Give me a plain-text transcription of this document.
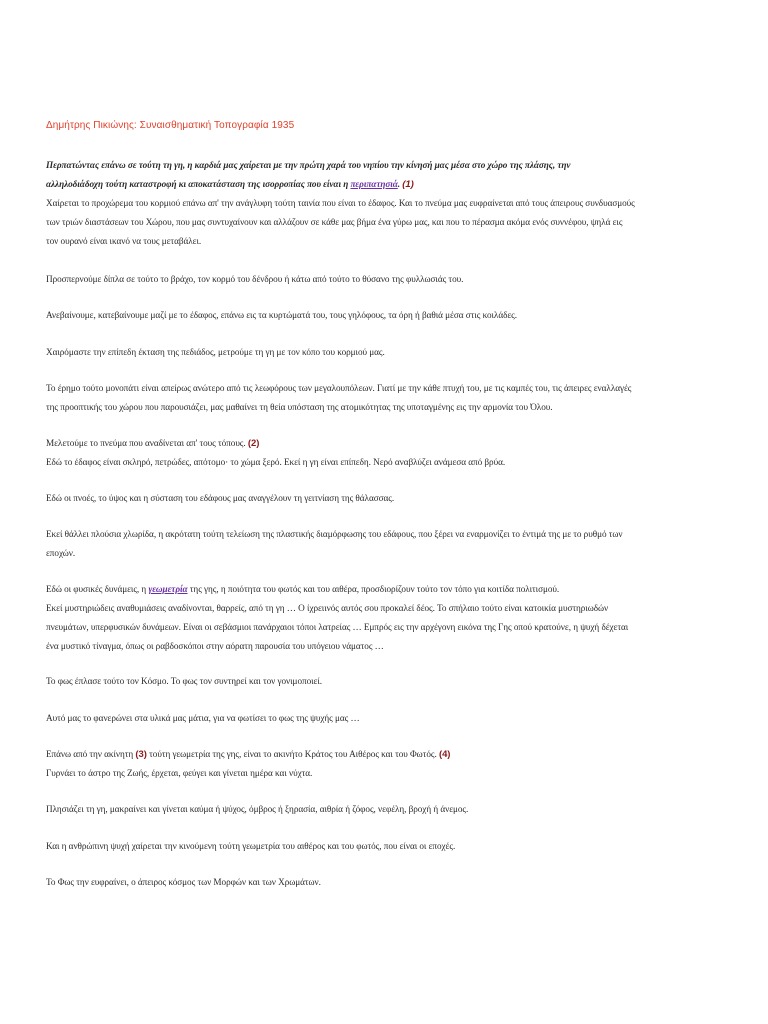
Δημήτρης Πικιώνης: Συναισθηματική Τοπογραφία 1935
Περπατώντας επάνω σε τούτη τη γη, η καρδιά μας χαίρεται με την πρώτη χαρά του νηπίου την κίνησή μας μέσα στο χώρο της πλάσης, την
αλληλοδιάδοχη τούτη καταστροφή κι αποκατάσταση της ισορροπίας που είναι η περιπατησιά. (1)
Χαίρεται το προχώρεμα του κορμιού επάνω απ' την ανάγλυφη τούτη ταινία που είναι το έδαφος. Και το πνεύμα μας ευφραίνεται από τους άπειρους συνδυασμούς
των τριών διαστάσεων του Χώρου, που μας συντυχαίνουν και αλλάζουν σε κάθε μας βήμα ένα γύρω μας, και που το πέρασμα ακόμα ενός συννέφου, ψηλά εις
τον ουρανό είναι ικανό να τους μεταβάλει.
Προσπερνούμε δίπλα σε τούτο το βράχο, τον κορμό του δένδρου ή κάτω από τούτο το θύσανο της φυλλωσιάς του.
Ανεβαίνουμε, κατεβαίνουμε μαζί με το έδαφος, επάνω εις τα κυρτώματά του, τους γηλόφους, τα όρη ή βαθιά μέσα στις κοιλάδες.
Χαιρόμαστε την επίπεδη έκταση της πεδιάδος, μετρούμε τη γη με τον κόπο του κορμιού μας.
Το έρημο τούτο μονοπάτι είναι απείρως ανώτερο από τις λεωφόρους των μεγαλουπόλεων. Γιατί με την κάθε πτυχή του, με τις καμπές του, τις άπειρες εναλλαγές
της προοπτικής του χώρου που παρουσιάζει, μας μαθαίνει τη θεία υπόσταση της ατομικότητας της υποταγμένης εις την αρμονία του Όλου.
Μελετούμε το πνεύμα που αναδίνεται απ' τους τόπους. (2)
Εδώ το έδαφος είναι σκληρό, πετρώδες, απότομο· το χώμα ξερό. Εκεί η γη είναι επίπεδη. Νερό αναβλύζει ανάμεσα από βρύα.
Εδώ οι πνοές, το ύψος και η σύσταση του εδάφους μας αναγγέλουν τη γειτνίαση της θάλασσας.
Εκεί θάλλει πλούσια χλωρίδα, η ακρότατη τούτη τελείωση της πλαστικής διαμόρφωσης του εδάφους, που ξέρει να εναρμονίζει το έντιμά της με το ρυθμό των
εποχών.
Εδώ οι φυσικές δυνάμεις, η γεωμετρία της γης, η ποιότητα του φωτός και του αιθέρα, προσδιορίζουν τούτο τον τόπο για κοιτίδα πολιτισμού.
Εκεί μυστηριώδεις αναθυμιάσεις αναδίνονται, θαρρείς, από τη γη … Ο ίχρειινός αυτός σου προκαλεί δέος. Το σπήλαιο τούτο είναι κατοικία μυστηριωδών
πνευμάτων, υπερφυσικών δυνάμεων. Είναι οι σεβάσμιοι πανάρχαιοι τόποι λατρείας … Εμπρός εις την αρχέγονη εικόνα της Γης οπού κρατούνε, η ψυχή δέχεται
ένα μυστικό τίναγμα, όπως οι ραβδοσκόποι στην αόρατη παρουσία του υπόγειου νάματος …
Το φως έπλασε τούτο τον Κόσμο. Το φως τον συντηρεί και τον γονιμοποιεί.
Αυτό μας το φανερώνει στα υλικά μας μάτια, για να φωτίσει το φως της ψυχής μας …
Επάνω από την ακίνητη (3) τούτη γεωμετρία της γης, είναι το ακινήτο Κράτος του Αιθέρος και του Φωτός. (4)
Γυρνάει το άστρο της Ζωής, έρχεται, φεύγει και γίνεται ημέρα και νύχτα.
Πλησιάζει τη γη, μακραίνει και γίνεται καύμα ή ψύχος, όμβρος ή ξηρασία, αιθρία ή ζόφος, νεφέλη, βροχή ή άνεμος.
Και η ανθρώπινη ψυχή χαίρεται την κινούμενη τούτη γεωμετρία του αιθέρος και του φωτός, που είναι οι εποχές.
Το Φως την ευφραίνει, ο άπειρος κόσμος των Μορφών και των Χρωμάτων.
